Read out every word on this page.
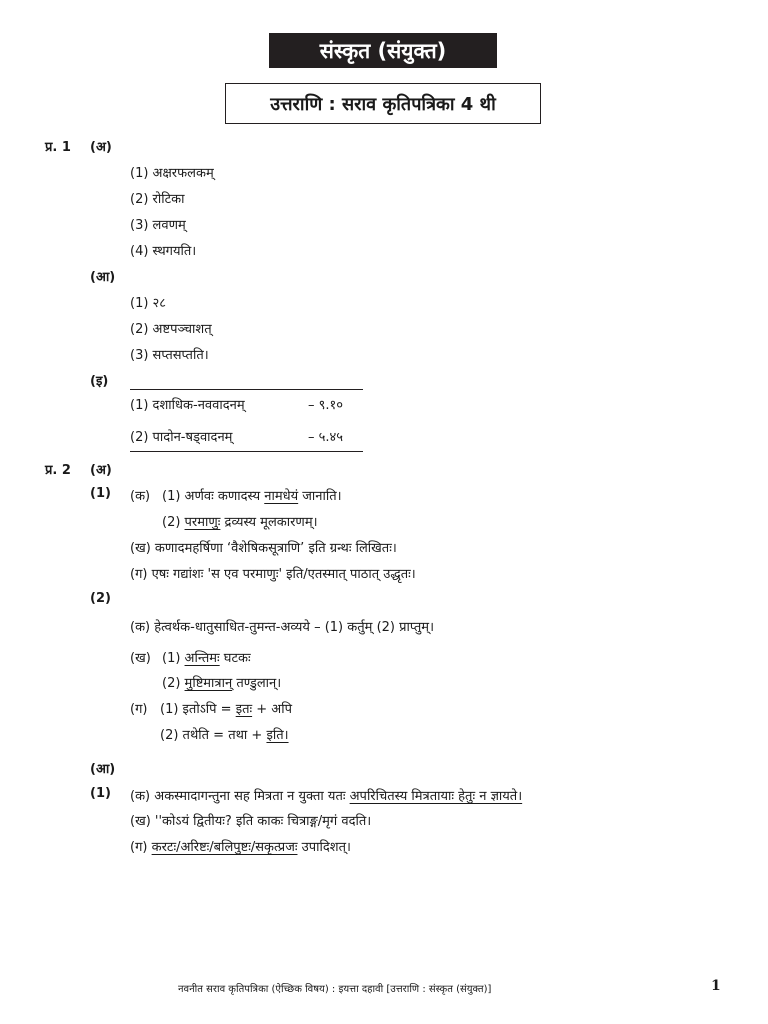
संस्कृत (संयुक्त)
उत्तराणि : सराव कृतिपत्रिका 4 थी
प्र. 1 (अ)
(1) अक्षरफलकम्
(2) रोटिका
(3) लवणम्
(4) स्थगयति।
(आ)
(1) २८
(2) अष्टपञ्चाशत्
(3) सप्तसप्तति।
(इ)
(1) दशाधिक-नववादनम्	– ९.१०
(2) पादोन-षड्वादनम्	– ५.४५
प्र. 2 (अ)
(1) (क) (1) अर्णवः कणादस्य नामधेयं जानाति।
(2) परमाणुः द्रव्यस्य मूलकारणम्।
(ख) कणादमहर्षिणा ‘वैशेषिकसूत्राणि’ इति ग्रन्थः लिखितः।
(ग) एषः गद्यांशः 'स एव परमाणुः' इति/एतस्मात् पाठात् उद्धृतः।
(2)
(क) हेत्वर्थक-धातुसाधित-तुमन्त-अव्यये – (1) कर्तुम् (2) प्राप्तुम्।
(ख) (1) अन्तिमः घटकः
(2) मुष्टिमात्रान् तण्डुलान्।
(ग) (1) इतोऽपि = इतः + अपि
(2) तथेति = तथा + इति।
(आ)
(1) (क) अकस्मादागन्तुना सह मित्रता न युक्ता यतः अपरिचितस्य मित्रतायाः हेतुः न ज्ञायते।
(ख) ''कोऽयं द्वितीयः? इति काकः चित्राङ्ग/मृगं वदति।
(ग) करटः/अरिष्टः/बलिपुष्टः/सकृत्प्रजः उपादिशत्।
नवनीत सराव कृतिपत्रिका (ऐच्छिक विषय) : इयत्ता दहावी [उत्तराणि : संस्कृत (संयुक्त)]	1
